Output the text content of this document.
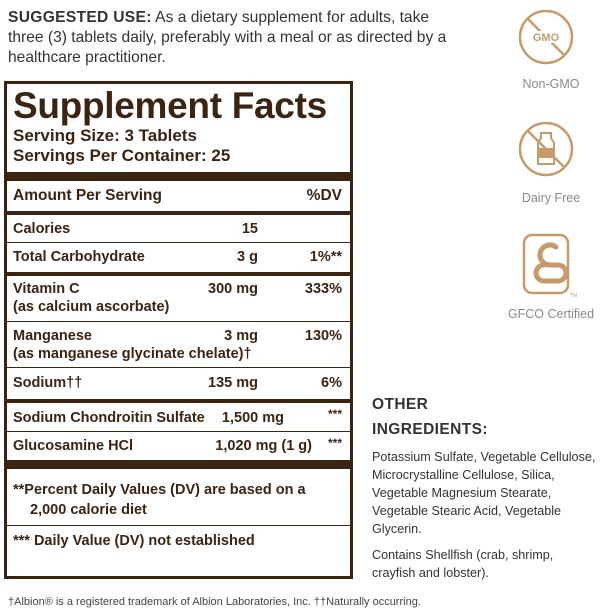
SUGGESTED USE: As a dietary supplement for adults, take three (3) tablets daily, preferably with a meal or as directed by a healthcare practitioner.
Supplement Facts
Serving Size: 3 Tablets
Servings Per Container: 25
Amount Per Serving	%DV
Calories	15
Total Carbohydrate	3 g	1%**
Vitamin C	300 mg	333%
(as calcium ascorbate)
Manganese	3 mg	130%
(as manganese glycinate chelate)†
Sodium††	135 mg	6%
Sodium Chondroitin Sulfate 1,500 mg	***
Glucosamine HCl	1,020 mg (1 g) ***
**Percent Daily Values (DV) are based on a
2,000 calorie diet
*** Daily Value (DV) not established
GMO
Non-GMO
Dairy Free
TM
GFCO Certified
OTHER
INGREDIENTS:
Potassium Sulfate, Vegetable Cellulose, Microcrystalline Cellulose, Silica, Vegetable Magnesium Stearate, Vegetable Stearic Acid, Vegetable Glycerin.
Contains Shellfish (crab, shrimp, crayfish and lobster).
†Albion® is a registered trademark of Albion Laboratories, Inc. ††Naturally occurring.
